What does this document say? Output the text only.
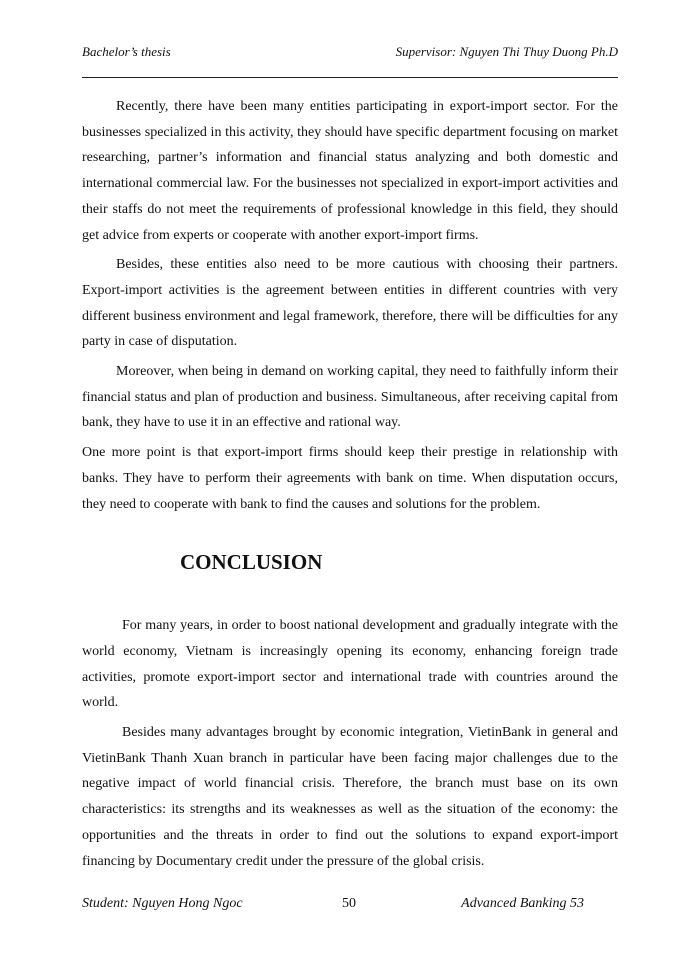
Bachelor’s thesis	Supervisor: Nguyen Thi Thuy Duong Ph.D

Recently, there have been many entities participating in export-import sector. For the businesses specialized in this activity, they should have specific department focusing on market researching, partner’s information and financial status analyzing and both domestic and international commercial law. For the businesses not specialized in export-import activities and their staffs do not meet the requirements of professional knowledge in this field, they should get advice from experts or cooperate with another export-import firms.

Besides, these entities also need to be more cautious with choosing their partners. Export-import activities is the agreement between entities in different countries with very different business environment and legal framework, therefore, there will be difficulties for any party in case of disputation.

Moreover, when being in demand on working capital, they need to faithfully inform their financial status and plan of production and business. Simultaneous, after receiving capital from bank, they have to use it in an effective and rational way.

One more point is that export-import firms should keep their prestige in relationship with banks. They have to perform their agreements with bank on time. When disputation occurs, they need to cooperate with bank to find the causes and solutions for the problem.

CONCLUSION

For many years, in order to boost national development and gradually integrate with the world economy, Vietnam is increasingly opening its economy, enhancing foreign trade activities, promote export-import sector and international trade with countries around the world.

Besides many advantages brought by economic integration, VietinBank in general and VietinBank Thanh Xuan branch in particular have been facing major challenges due to the negative impact of world financial crisis. Therefore, the branch must base on its own characteristics: its strengths and its weaknesses as well as the situation of the economy: the opportunities and the threats in order to find out the solutions to expand export-import financing by Documentary credit under the pressure of the global crisis.

Student: Nguyen Hong Ngoc	50	Advanced Banking 53
